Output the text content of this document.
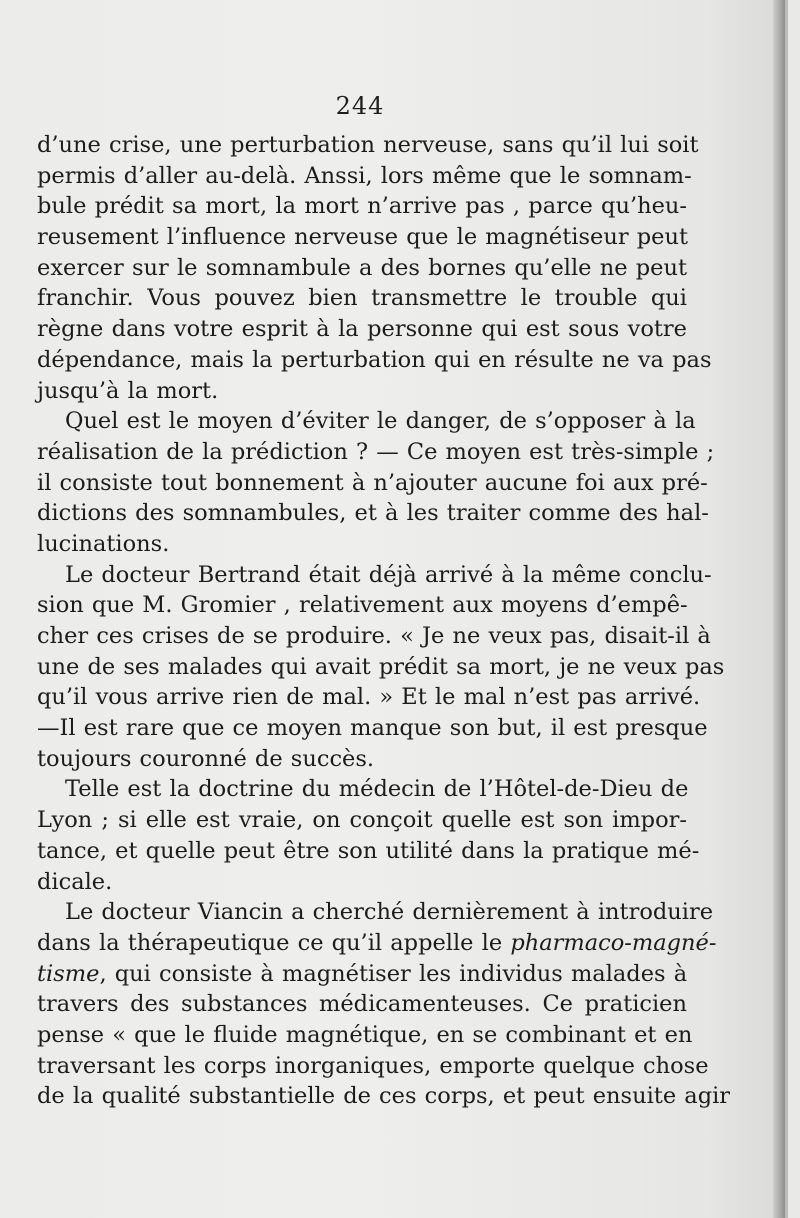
244
d’une crise, une perturbation nerveuse, sans qu’il lui soit
permis d’aller au-delà. Anssi, lors même que le somnam-
bule prédit sa mort, la mort n’arrive pas , parce qu’heu-
reusement l’influence nerveuse que le magnétiseur peut
exercer sur le somnambule a des bornes qu’elle ne peut
franchir. Vous pouvez bien transmettre le trouble qui
règne dans votre esprit à la personne qui est sous votre
dépendance, mais la perturbation qui en résulte ne va pas
jusqu’à la mort.
Quel est le moyen d’éviter le danger, de s’opposer à la
réalisation de la prédiction ? — Ce moyen est très-simple ;
il consiste tout bonnement à n’ajouter aucune foi aux pré-
dictions des somnambules, et à les traiter comme des hal-
lucinations.
Le docteur Bertrand était déjà arrivé à la même conclu-
sion que M. Gromier , relativement aux moyens d’empê-
cher ces crises de se produire. « Je ne veux pas, disait-il à
une de ses malades qui avait prédit sa mort, je ne veux pas
qu’il vous arrive rien de mal. » Et le mal n’est pas arrivé.
—Il est rare que ce moyen manque son but, il est presque
toujours couronné de succès.
Telle est la doctrine du médecin de l’Hôtel-de-Dieu de
Lyon ; si elle est vraie, on conçoit quelle est son impor-
tance, et quelle peut être son utilité dans la pratique mé-
dicale.
Le docteur Viancin a cherché dernièrement à introduire
dans la thérapeutique ce qu’il appelle le pharmaco-magné-
tisme, qui consiste à magnétiser les individus malades à
travers des substances médicamenteuses. Ce praticien
pense « que le fluide magnétique, en se combinant et en
traversant les corps inorganiques, emporte quelque chose
de la qualité substantielle de ces corps, et peut ensuite agir
